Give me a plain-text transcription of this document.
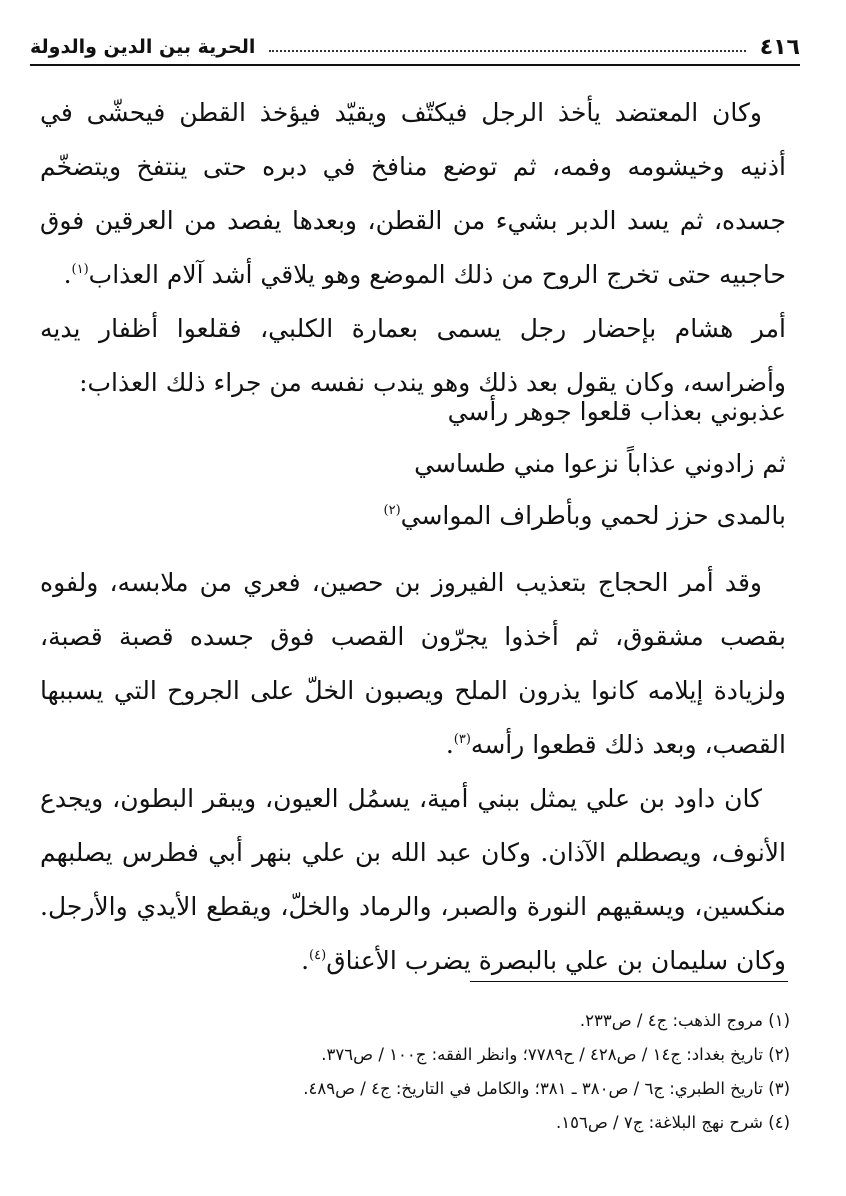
٤١٦
الحرية بين الدين والدولة

وكان المعتضد يأخذ الرجل فيكتّف ويقيّد فيؤخذ القطن فيحشّى في أذنيه وخيشومه وفمه، ثم توضع منافخ في دبره حتى ينتفخ ويتضخّم جسده، ثم يسد الدبر بشيء من القطن، وبعدها يفصد من العرقين فوق حاجبيه حتى تخرج الروح من ذلك الموضع وهو يلاقي أشد آلام العذاب$^{(١)}$.

أمر هشام بإحضار رجل يسمى بعمارة الكلبي، فقلعوا أظفار يديه وأضراسه، وكان يقول بعد ذلك وهو يندب نفسه من جراء ذلك العذاب:

عذبوني بعذاب قلعوا جوهر رأسي
ثم زادوني عذاباً نزعوا مني طساسي
بالمدى حزز لحمي وبأطراف المواسي$^{(٢)}$

وقد أمر الحجاج بتعذيب الفيروز بن حصين، فعري من ملابسه، ولفوه بقصب مشقوق، ثم أخذوا يجرّون القصب فوق جسده قصبة قصبة، ولزيادة إيلامه كانوا يذرون الملح ويصبون الخلّ على الجروح التي يسببها القصب، وبعد ذلك قطعوا رأسه$^{(٣)}$.

كان داود بن علي يمثل ببني أمية، يسمُل العيون، ويبقر البطون، ويجدع الأنوف، ويصطلم الآذان. وكان عبد الله بن علي بنهر أبي فطرس يصلبهم منكسين، ويسقيهم النورة والصبر، والرماد والخلّ، ويقطع الأيدي والأرجل. وكان سليمان بن علي بالبصرة يضرب الأعناق$^{(٤)}$.

(١) مروج الذهب: ج٤ / ص٢٣٣.

(٢) تاريخ بغداد: ج١٤ / ص٤٢٨ / ح٧٧٨٩؛ وانظر الفقه: ج١٠٠ / ص٣٧٦.

(٣) تاريخ الطبري: ج٦ / ص٣٨٠ ـ ٣٨١؛ والكامل في التاريخ: ج٤ / ص٤٨٩.

(٤) شرح نهج البلاغة: ج٧ / ص١٥٦.
